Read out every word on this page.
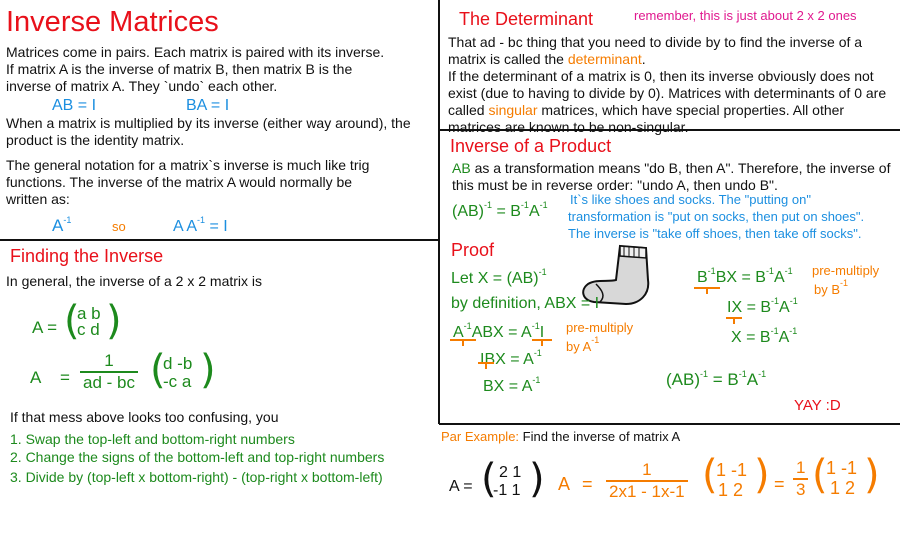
Inverse Matrices
Matrices come in pairs. Each matrix is paired with its inverse. If matrix A is the inverse of matrix B, then matrix B is the inverse of matrix A. They `undo` each other.
AB = I	BA = I
When a matrix is multiplied by its inverse (either way around), the product is the identity matrix.
The general notation for a matrix`s inverse is much like trig functions. The inverse of the matrix A would normally be written as:
$A^{-1}$	so	A $A^{-1} = I$
Finding the Inverse
In general, the inverse of a 2 x 2 matrix is
A = (
a b
c d )
$A = \frac{1}{ad - bc}$ (
d -b
-c a )
If that mess above looks too confusing, you
1. Swap the top-left and bottom-right numbers
2. Change the signs of the bottom-left and top-right numbers
3. Divide by (top-left x bottom-right) - (top-right x bottom-left)
The Determinant	remember, this is just about 2 x 2 ones
That ad - bc thing that you need to divide by to find the inverse of a matrix is called the determinant.
If the determinant of a matrix is 0, then its inverse obviously does not exist (due to having to divide by 0). Matrices with determinants of 0 are called singular matrices, which have special properties. All other matrices are known to be non-singular.
Inverse of a Product
AB as a transformation means "do B, then A". Therefore, the inverse of this must be in reverse order: "undo A, then undo B".
$(AB)^{-1} = B^{-1}A^{-1}$ It`s like shoes and socks. The "putting on"
transformation is "put on socks, then put on shoes".
The inverse is "take off shoes, then take off socks".
Proof
Let X = (AB)$^{-1}$
by definition, ABX = I
$A^{-1}ABX = A^{-1}I$ pre-multiply
by $A^{-1}$
IBX = $A^{-1}$
BX = $A^{-1}$
$B^{-1}BX = B^{-1}A^{-1}$ pre-multiply
by $B^{-1}$
IX = $B^{-1}A^{-1}$
$X = B^{-1}A^{-1}$
$(AB)^{-1} = B^{-1}A^{-1}$
YAY :D
Par Example: Find the inverse of matrix A
A = ( 2 1
-1 1 ) $A = \frac{1}{2x1 - 1x-1}$ (
1 -1
1 2 ) = $\frac{1}{3}$ (
1 -1
1 2 )
